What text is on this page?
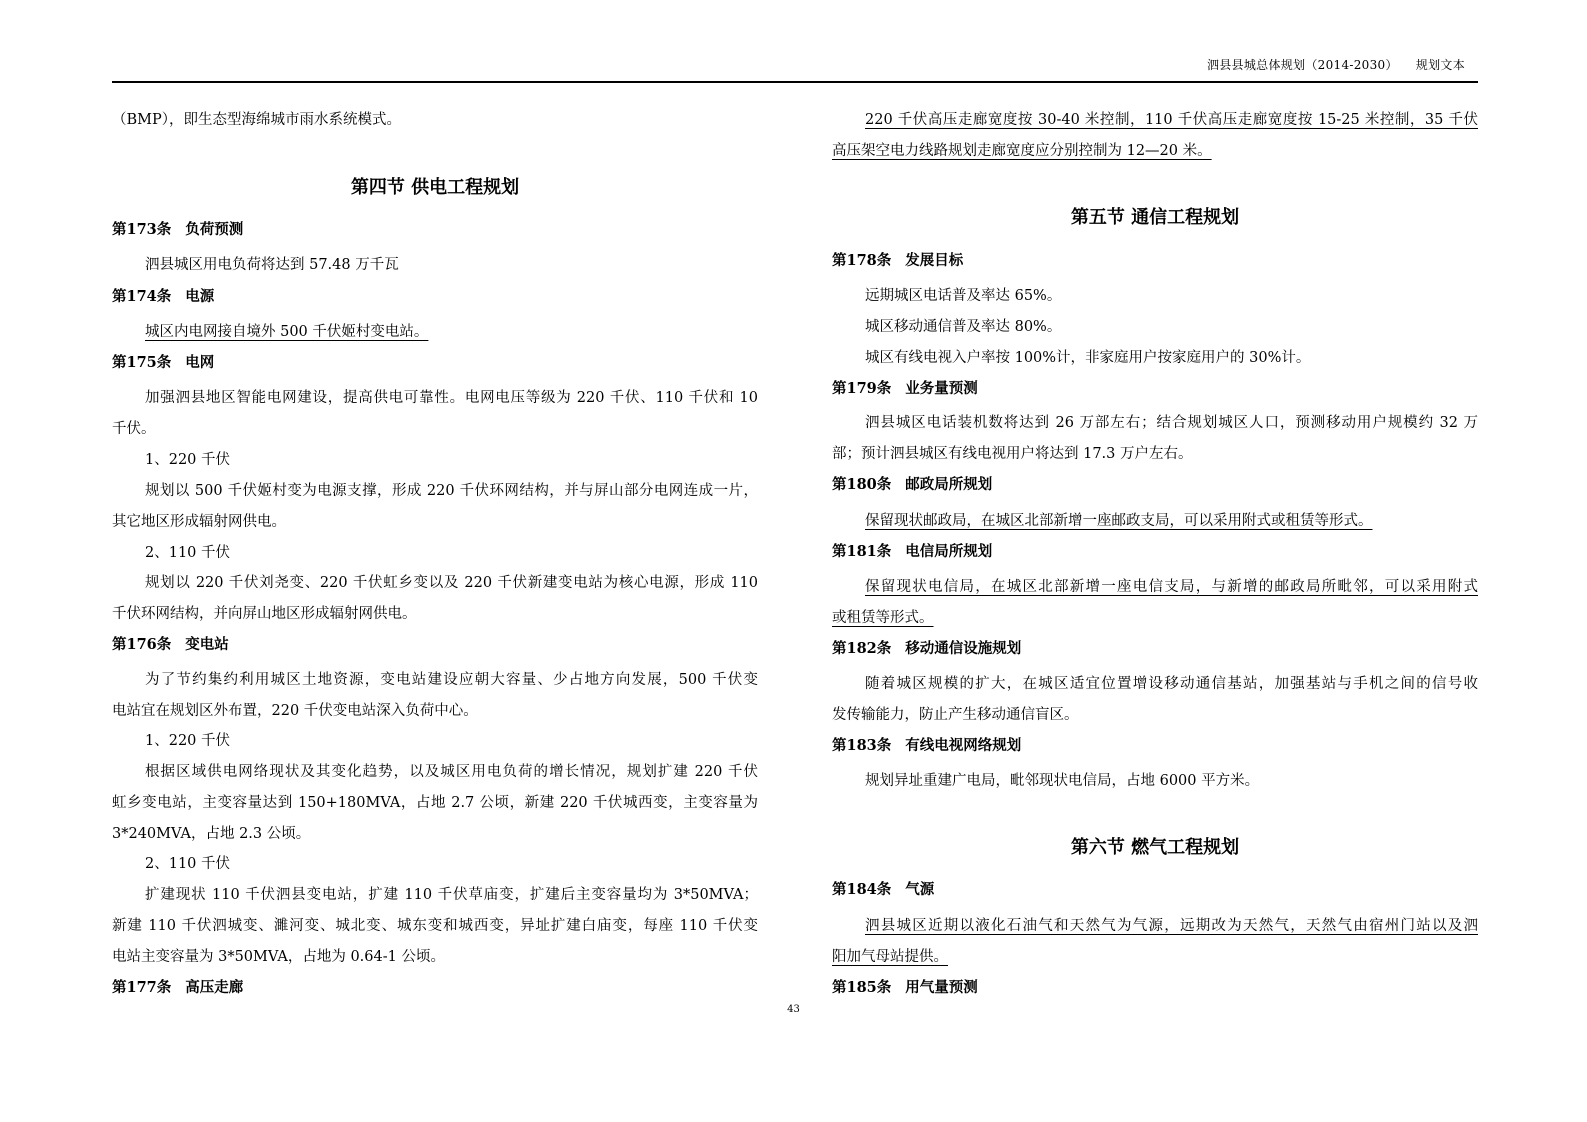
泗县县城总体规划（2014-2030） 规划文本
（BMP），即生态型海绵城市雨水系统模式。
第四节 供电工程规划
第173条 负荷预测
泗县城区用电负荷将达到 57.48 万千瓦
第174条 电源
城区内电网接自境外 500 千伏姬村变电站。
第175条 电网
加强泗县地区智能电网建设，提高供电可靠性。电网电压等级为 220 千伏、110 千伏和 10
千伏。
1、220 千伏
规划以 500 千伏姬村变为电源支撑，形成 220 千伏环网结构，并与屏山部分电网连成一片，
其它地区形成辐射网供电。
2、110 千伏
规划以 220 千伏刘尧变、220 千伏虹乡变以及 220 千伏新建变电站为核心电源，形成 110
千伏环网结构，并向屏山地区形成辐射网供电。
第176条 变电站
为了节约集约利用城区土地资源，变电站建设应朝大容量、少占地方向发展，500 千伏变
电站宜在规划区外布置，220 千伏变电站深入负荷中心。
1、220 千伏
根据区域供电网络现状及其变化趋势，以及城区用电负荷的增长情况，规划扩建 220 千伏
虹乡变电站，主变容量达到 150+180MVA，占地 2.7 公顷，新建 220 千伏城西变，主变容量为
3*240MVA，占地 2.3 公顷。
2、110 千伏
扩建现状 110 千伏泗县变电站，扩建 110 千伏草庙变，扩建后主变容量均为 3*50MVA；
新建 110 千伏泗城变、濉河变、城北变、城东变和城西变，异址扩建白庙变，每座 110 千伏变
电站主变容量为 3*50MVA，占地为 0.64-1 公顷。
第177条 高压走廊
220 千伏高压走廊宽度按 30-40 米控制，110 千伏高压走廊宽度按 15-25 米控制，35 千伏
高压架空电力线路规划走廊宽度应分别控制为 12—20 米。
第五节 通信工程规划
第178条 发展目标
远期城区电话普及率达 65%。
城区移动通信普及率达 80%。
城区有线电视入户率按 100%计，非家庭用户按家庭用户的 30%计。
第179条 业务量预测
泗县城区电话装机数将达到 26 万部左右；结合规划城区人口，预测移动用户规模约 32 万
部；预计泗县城区有线电视用户将达到 17.3 万户左右。
第180条 邮政局所规划
保留现状邮政局，在城区北部新增一座邮政支局，可以采用附式或租赁等形式。
第181条 电信局所规划
保留现状电信局，在城区北部新增一座电信支局，与新增的邮政局所毗邻，可以采用附式
或租赁等形式。
第182条 移动通信设施规划
随着城区规模的扩大，在城区适宜位置增设移动通信基站，加强基站与手机之间的信号收
发传输能力，防止产生移动通信盲区。
第183条 有线电视网络规划
规划异址重建广电局，毗邻现状电信局，占地 6000 平方米。
第六节 燃气工程规划
第184条 气源
泗县城区近期以液化石油气和天然气为气源，远期改为天然气，天然气由宿州门站以及泗
阳加气母站提供。
第185条 用气量预测
43
